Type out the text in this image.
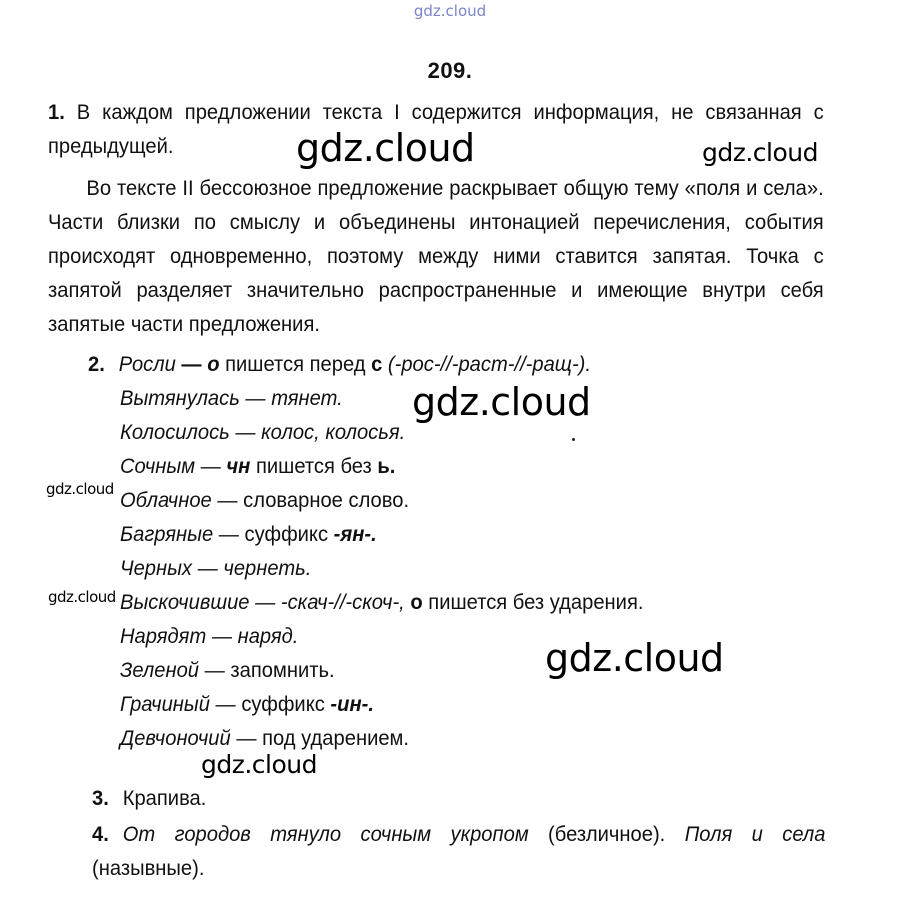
gdz.cloud
209.
1. В каждом предложении текста I содержится информация, не связанная с предыдущей.
Во тексте II бессоюзное предложение раскрывает общую тему «поля и села». Части близки по смыслу и объединены интонацией перечисления, события происходят одновременно, поэтому между ними ставится запятая. Точка с запятой разделяет значительно распространенные и имеющие внутри себя запятые части предложения.
2. Росли — о пишется перед с (-рос-//-раст-//-ращ-).
Вытянулась — тянет.
Колосилось — колос, колосья.
Сочным — чн пишется без ь.
Облачное — словарное слово.
Багряные — суффикс -ян-.
Черных — чернеть.
Выскочившие — -скач-//-скоч-, о пишется без ударения.
Нарядят — наряд.
Зеленой — запомнить.
Грачиный — суффикс -ин-.
Девчоночий — под ударением.
3. Крапива.
4. От городов тянуло сочным укропом (безличное). Поля и села (назывные).
gdz.cloud	gdz.cloud
gdz.cloud
gdz.cloud
gdz.cloud
gdz.cloud
gdz.cloud
